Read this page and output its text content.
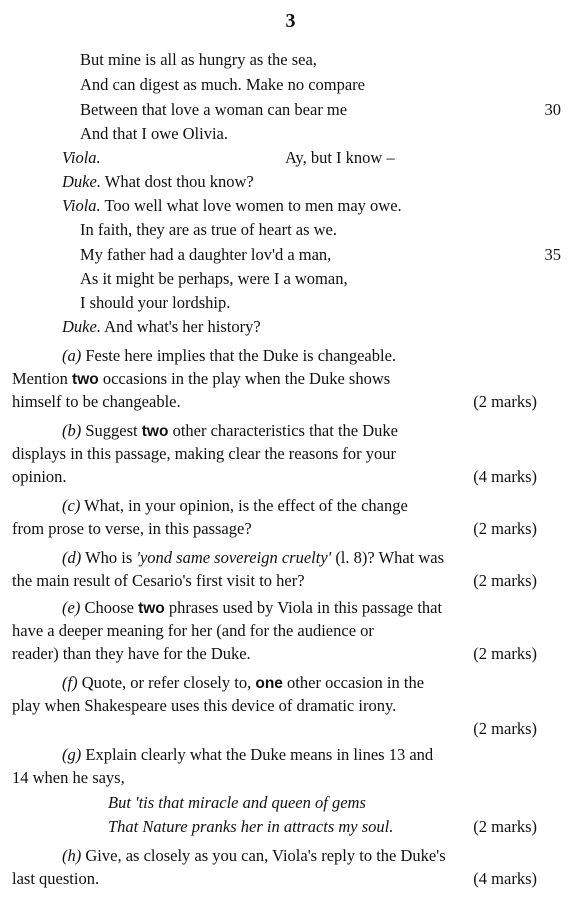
3
But mine is all as hungry as the sea,
And can digest as much. Make no compare
Between that love a woman can bear me	30
And that I owe Olivia.
Viola.	Ay, but I know –
Duke. What dost thou know?
Viola. Too well what love women to men may owe.
In faith, they are as true of heart as we.
My father had a daughter lov'd a man,	35
As it might be perhaps, were I a woman,
I should your lordship.
Duke. And what's her history?
(a) Feste here implies that the Duke is changeable.
Mention two occasions in the play when the Duke shows
himself to be changeable.	(2 marks)
(b) Suggest two other characteristics that the Duke
displays in this passage, making clear the reasons for your
opinion.	(4 marks)
(c) What, in your opinion, is the effect of the change
from prose to verse, in this passage?	(2 marks)
(d) Who is 'yond same sovereign cruelty' (l. 8)? What was
the main result of Cesario's first visit to her?	(2 marks)
(e) Choose two phrases used by Viola in this passage that
have a deeper meaning for her (and for the audience or
reader) than they have for the Duke.	(2 marks)
(f) Quote, or refer closely to, one other occasion in the
play when Shakespeare uses this device of dramatic irony.
(2 marks)
(g) Explain clearly what the Duke means in lines 13 and
14 when he says,
But 'tis that miracle and queen of gems
That Nature pranks her in attracts my soul.	(2 marks)
(h) Give, as closely as you can, Viola's reply to the Duke's
last question.	(4 marks)
